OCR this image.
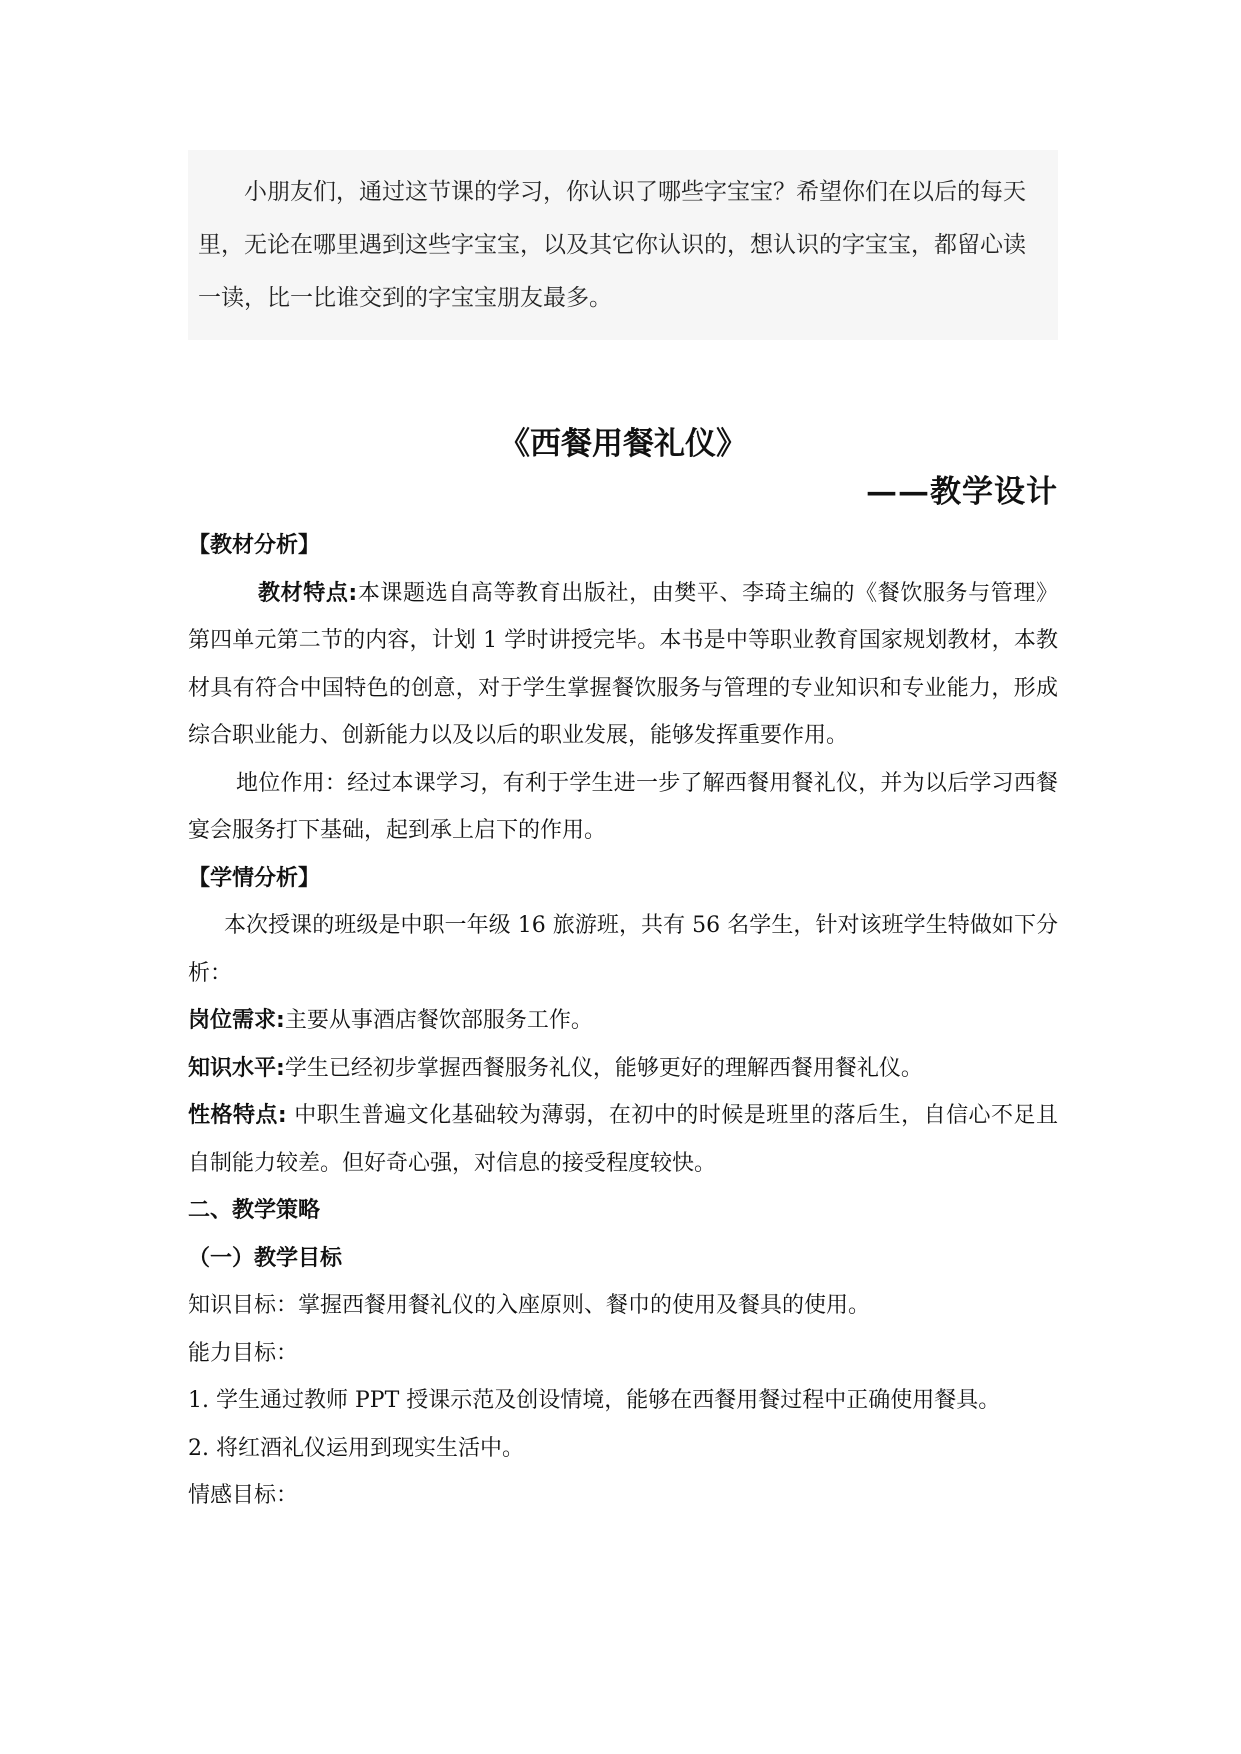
小朋友们，通过这节课的学习，你认识了哪些字宝宝？希望你们在以后的每天里，无论在哪里遇到这些字宝宝，以及其它你认识的，想认识的字宝宝，都留心读一读，比一比谁交到的字宝宝朋友最多。

《西餐用餐礼仪》
——教学设计

【教材分析】

教材特点:本课题选自高等教育出版社，由樊平、李琦主编的《餐饮服务与管理》第四单元第二节的内容，计划 1 学时讲授完毕。本书是中等职业教育国家规划教材，本教材具有符合中国特色的创意，对于学生掌握餐饮服务与管理的专业知识和专业能力，形成综合职业能力、创新能力以及以后的职业发展，能够发挥重要作用。

地位作用：经过本课学习，有利于学生进一步了解西餐用餐礼仪，并为以后学习西餐宴会服务打下基础，起到承上启下的作用。

【学情分析】

本次授课的班级是中职一年级 16 旅游班，共有 56 名学生，针对该班学生特做如下分析：

岗位需求:主要从事酒店餐饮部服务工作。

知识水平:学生已经初步掌握西餐服务礼仪，能够更好的理解西餐用餐礼仪。

性格特点: 中职生普遍文化基础较为薄弱，在初中的时候是班里的落后生，自信心不足且自制能力较差。但好奇心强，对信息的接受程度较快。

二、教学策略

（一）教学目标

知识目标：掌握西餐用餐礼仪的入座原则、餐巾的使用及餐具的使用。

能力目标：

1. 学生通过教师 PPT 授课示范及创设情境，能够在西餐用餐过程中正确使用餐具。

2. 将红酒礼仪运用到现实生活中。

情感目标：
